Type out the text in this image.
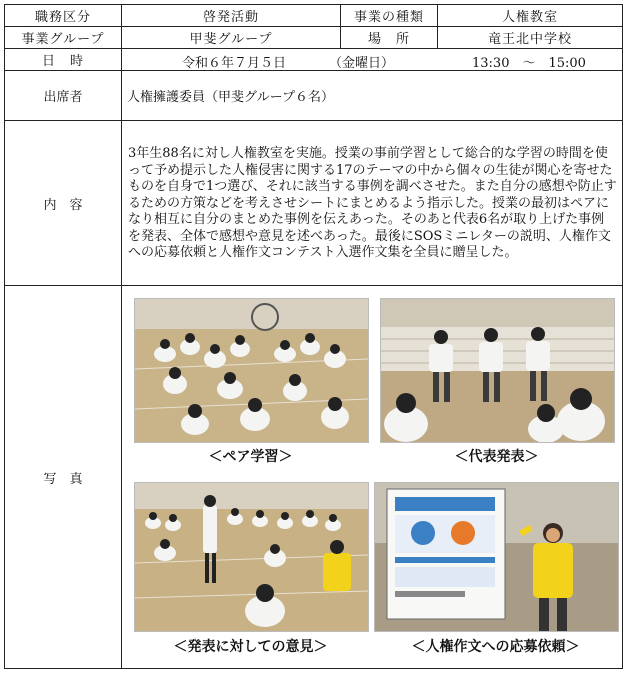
職務区分	啓発活動	事業の種類	人権教室
事業グループ	甲斐グループ	場　所	竜王北中学校
日　時	令和６年７月５日 （金曜日） 13:30　～　15:00		

出席者	人権擁護委員（甲斐グループ６名）		
内　容	3年生88名に対し人権教室を実施。授業の事前学習として総合的な学習の時間を使って予め提示した人権侵害に関する17のテーマの中から個々の生徒が関心を寄せたものを自身で1つ選び、それに該当する事例を調べさせた。また自分の感想や防止するための方策などを考えさせシートにまとめるよう指示した。授業の最初はペアになり相互に自分のまとめた事例を伝えあった。そのあと代表6名が取り上げた事例を発表、全体で感想や意見を述べあった。最後にSOSミニレターの説明、人権作文への応募依頼と人権作文コンテスト入選作文集を全員に贈呈した。		
写　真	＜ペア学習＞ ＜代表発表＞
＜発表に対しての意見＞ ＜人権作文への応募依頼＞		
